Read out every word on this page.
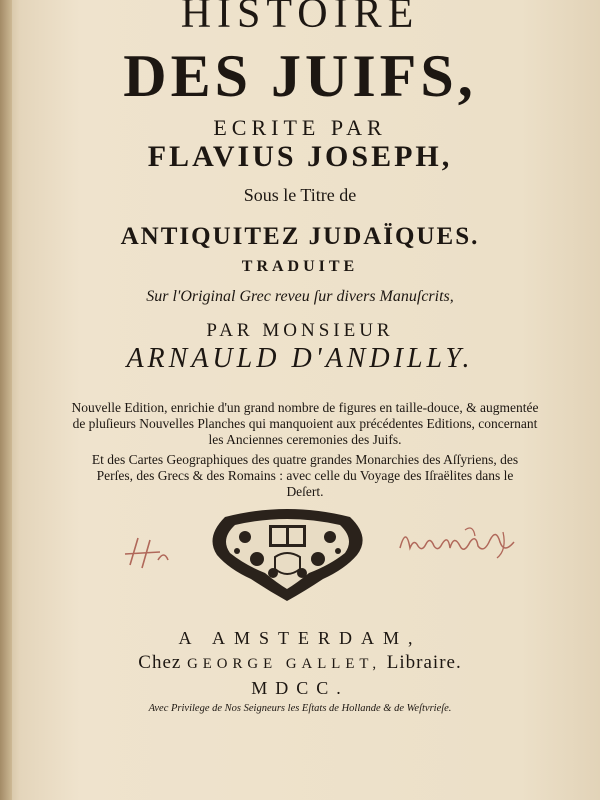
HISTOIRE
DES JUIFS,
ECRITE PAR
FLAVIUS JOSEPH,
Sous le Titre de
ANTIQUITEZ JUDAÏQUES.
TRADUITE
Sur l'Original Grec reveu ſur divers Manuſcrits,
PAR MONSIEUR
ARNAULD D'ANDILLY.
Nouvelle Edition, enrichie d'un grand nombre de figures en taille-douce, & augmentée de pluſieurs Nouvelles Planches qui manquoient aux précédentes Editions, concernant les Anciennes ceremonies des Juifs.
Et des Cartes Geographiques des quatre grandes Monarchies des Aſſyriens, des Perſes, des Grecs & des Romains : avec celle du Voyage des Iſraëlites dans le Deſert.
A AMSTERDAM,
Chez GEORGE GALLET, Libraire.
MDCC.
Avec Privilege de Nos Seigneurs les Eſtats de Hollande & de Weſtvrieſe.
